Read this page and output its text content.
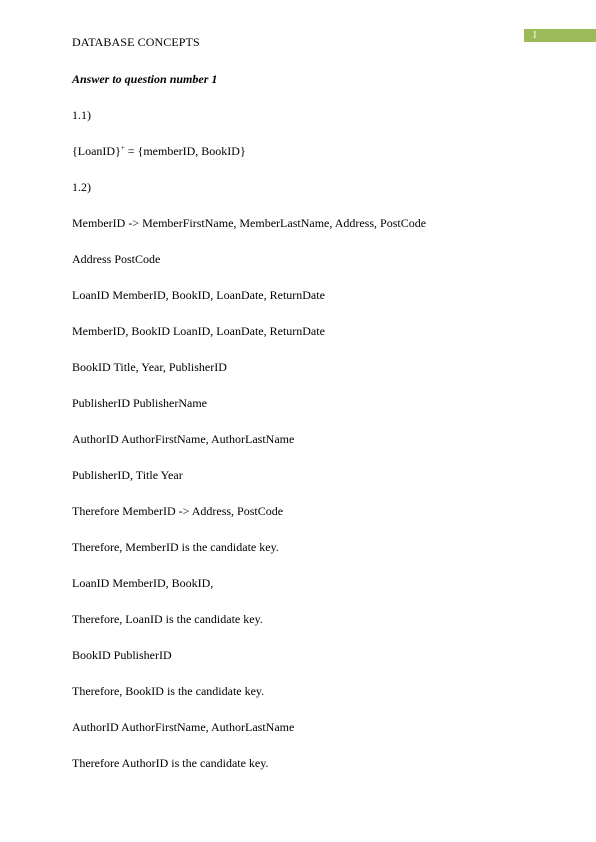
DATABASE CONCEPTS	1
Answer to question number 1
1.1)
{LoanID}+ = {memberID, BookID}
1.2)
MemberID -> MemberFirstName, MemberLastName, Address, PostCode
Address PostCode
LoanID MemberID, BookID, LoanDate, ReturnDate
MemberID, BookID LoanID, LoanDate, ReturnDate
BookID Title, Year, PublisherID
PublisherID PublisherName
AuthorID AuthorFirstName, AuthorLastName
PublisherID, Title Year
Therefore MemberID -> Address, PostCode
Therefore, MemberID is the candidate key.
LoanID MemberID, BookID,
Therefore, LoanID is the candidate key.
BookID PublisherID
Therefore, BookID is the candidate key.
AuthorID AuthorFirstName, AuthorLastName
Therefore AuthorID is the candidate key.
